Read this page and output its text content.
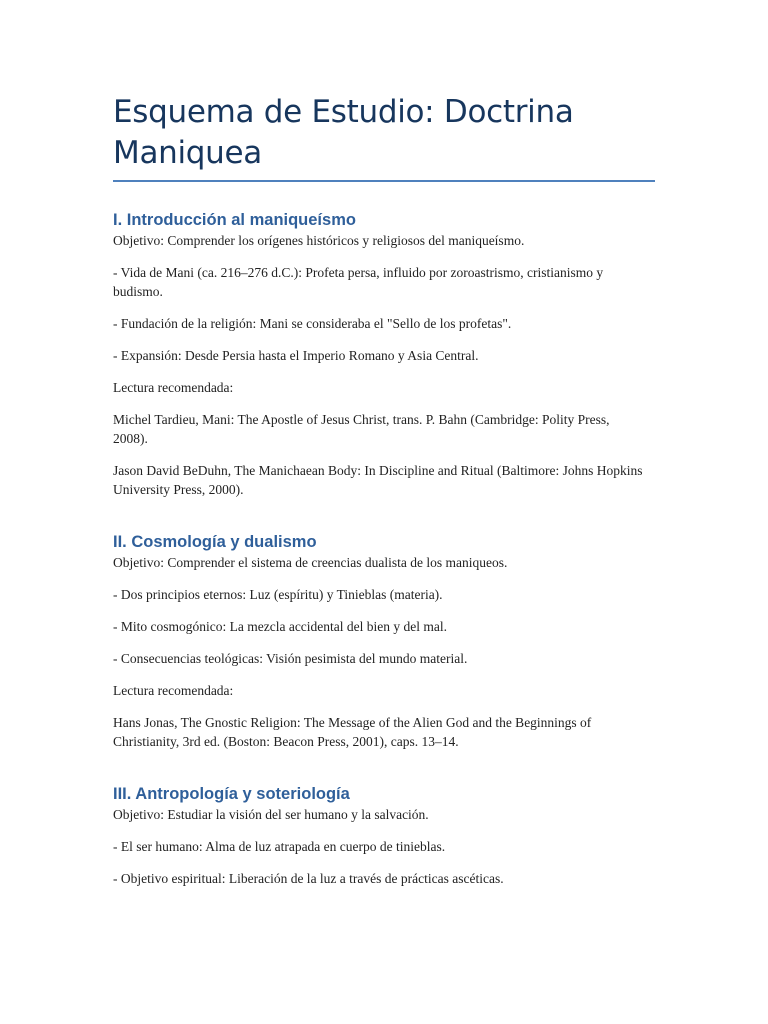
Esquema de Estudio: Doctrina Maniquea
I. Introducción al maniqueísmo

Objetivo: Comprender los orígenes históricos y religiosos del maniqueísmo.

- Vida de Mani (ca. 216–276 d.C.): Profeta persa, influido por zoroastrismo, cristianismo y budismo.

- Fundación de la religión: Mani se consideraba el "Sello de los profetas".

- Expansión: Desde Persia hasta el Imperio Romano y Asia Central.

Lectura recomendada:

Michel Tardieu, Mani: The Apostle of Jesus Christ, trans. P. Bahn (Cambridge: Polity Press, 2008).

Jason David BeDuhn, The Manichaean Body: In Discipline and Ritual (Baltimore: Johns Hopkins University Press, 2000).

II. Cosmología y dualismo

Objetivo: Comprender el sistema de creencias dualista de los maniqueos.

- Dos principios eternos: Luz (espíritu) y Tinieblas (materia).

- Mito cosmogónico: La mezcla accidental del bien y del mal.

- Consecuencias teológicas: Visión pesimista del mundo material.

Lectura recomendada:

Hans Jonas, The Gnostic Religion: The Message of the Alien God and the Beginnings of Christianity, 3rd ed. (Boston: Beacon Press, 2001), caps. 13–14.

III. Antropología y soteriología

Objetivo: Estudiar la visión del ser humano y la salvación.

- El ser humano: Alma de luz atrapada en cuerpo de tinieblas.

- Objetivo espiritual: Liberación de la luz a través de prácticas ascéticas.
